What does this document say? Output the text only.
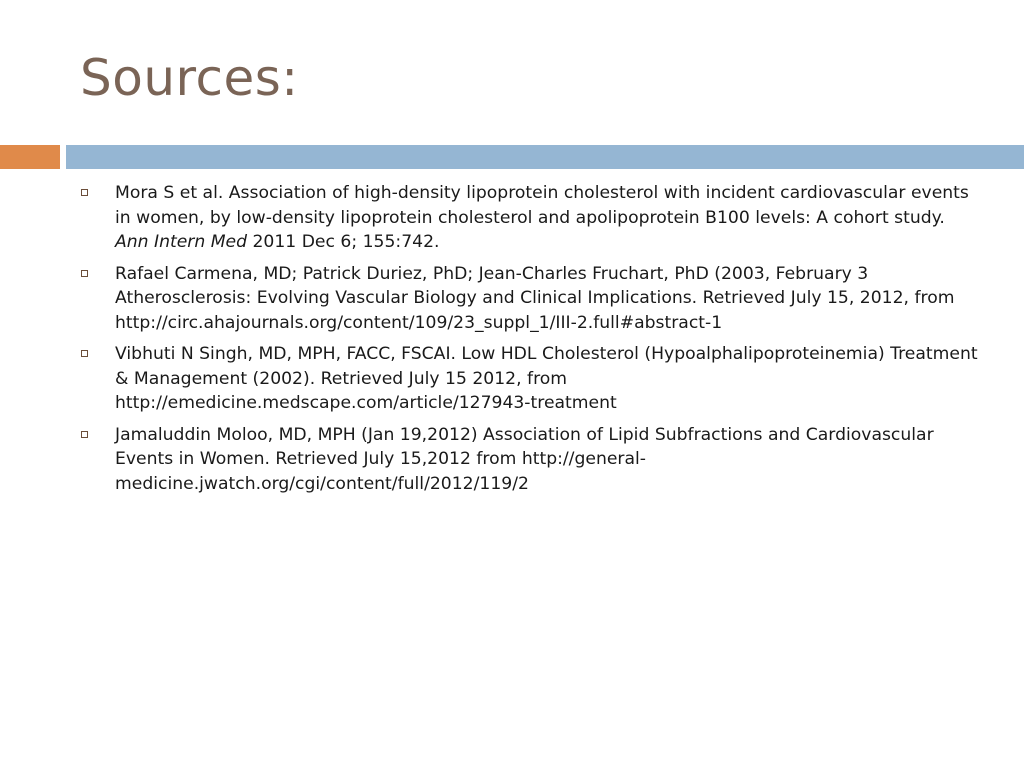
Sources:
Mora S et al. Association of high-density lipoprotein cholesterol with incident cardiovascular events in women, by low-density lipoprotein cholesterol and apolipoprotein B100 levels: A cohort study. Ann Intern Med 2011 Dec 6; 155:742.
Rafael Carmena, MD; Patrick Duriez, PhD; Jean-Charles Fruchart, PhD (2003, February 3 Atherosclerosis: Evolving Vascular Biology and Clinical Implications. Retrieved July 15, 2012, from http://circ.ahajournals.org/content/109/23_suppl_1/III-2.full#abstract-1
Vibhuti N Singh, MD, MPH, FACC, FSCAI. Low HDL Cholesterol (Hypoalphalipoproteinemia) Treatment & Management (2002). Retrieved July 15 2012, from http://emedicine.medscape.com/article/127943-treatment
Jamaluddin Moloo, MD, MPH (Jan 19,2012) Association of Lipid Subfractions and Cardiovascular Events in Women. Retrieved July 15,2012 from http://general-medicine.jwatch.org/cgi/content/full/2012/119/2
